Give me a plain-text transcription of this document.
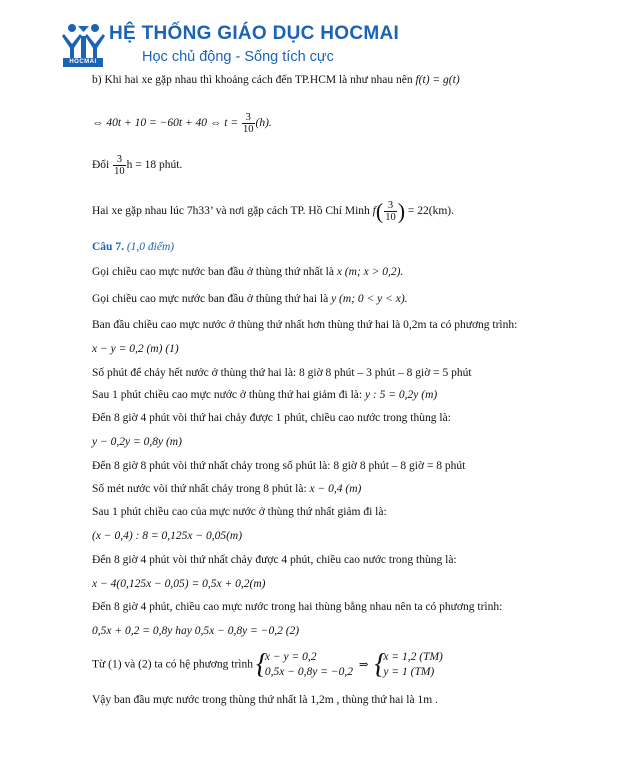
HOCMAI
HỆ THỐNG GIÁO DỤC HOCMAI
Học chủ động - Sống tích cực
b) Khi hai xe gặp nhau thì khoảng cách đến TP.HCM là như nhau nên f(t) = g(t)
⇔ 40t + 10 = −60t + 40 ⇔ $t = \frac{3}{10} (h)$.
Đổi $\frac{3}{10}$ h = 18 phút.
Hai xe gặp nhau lúc 7h33’ và nơi gặp cách TP. Hồ Chí Minh $f( \frac{3}{10}$ ) = 22(km).
Câu 7. (1,0 điểm)
Gọi chiều cao mực nước ban đầu ở thùng thứ nhất là x (m; x > 0,2).
Gọi chiều cao mực nước ban đầu ở thùng thứ hai là y (m; 0 < y < x).
Ban đầu chiều cao mực nước ở thùng thứ nhất hơn thùng thứ hai là 0,2m ta có phương trình:
x − y = 0,2 (m) (1)
Số phút để chảy hết nước ở thùng thứ hai là: 8 giờ 8 phút – 3 phút – 8 giờ = 5 phút
Sau 1 phút chiều cao mực nước ở thùng thứ hai giảm đi là: y : 5 = 0,2y (m)
Đến 8 giờ 4 phút vòi thứ hai chảy được 1 phút, chiều cao nước trong thùng là:
y − 0,2y = 0,8y (m)
Đến 8 giờ 8 phút vòi thứ nhất chảy trong số phút là: 8 giờ 8 phút – 8 giờ = 8 phút
Số mét nước vòi thứ nhất chảy trong 8 phút là: x − 0,4 (m)
Sau 1 phút chiều cao của mực nước ở thùng thứ nhất giảm đi là:
(x − 0,4) : 8 = 0,125x − 0,05(m)
Đến 8 giờ 4 phút vòi thứ nhất chảy được 4 phút, chiều cao nước trong thùng là:
x − 4(0,125x − 0,05) = 0,5x + 0,2(m)
Đến 8 giờ 4 phút, chiều cao mực nước trong hai thùng bằng nhau nên ta có phương trình:
0,5x + 0,2 = 0,8y hay 0,5x − 0,8y = −0,2 (2)
Từ (1) và (2) ta có hệ phương trình {
x − y = 0,2
0,5x − 0,8y = −0,2
⇒ {
x = 1,2 (TM)
y = 1 (TM)
Vậy ban đầu mực nước trong thùng thứ nhất là 1,2m , thùng thứ hai là 1m .
